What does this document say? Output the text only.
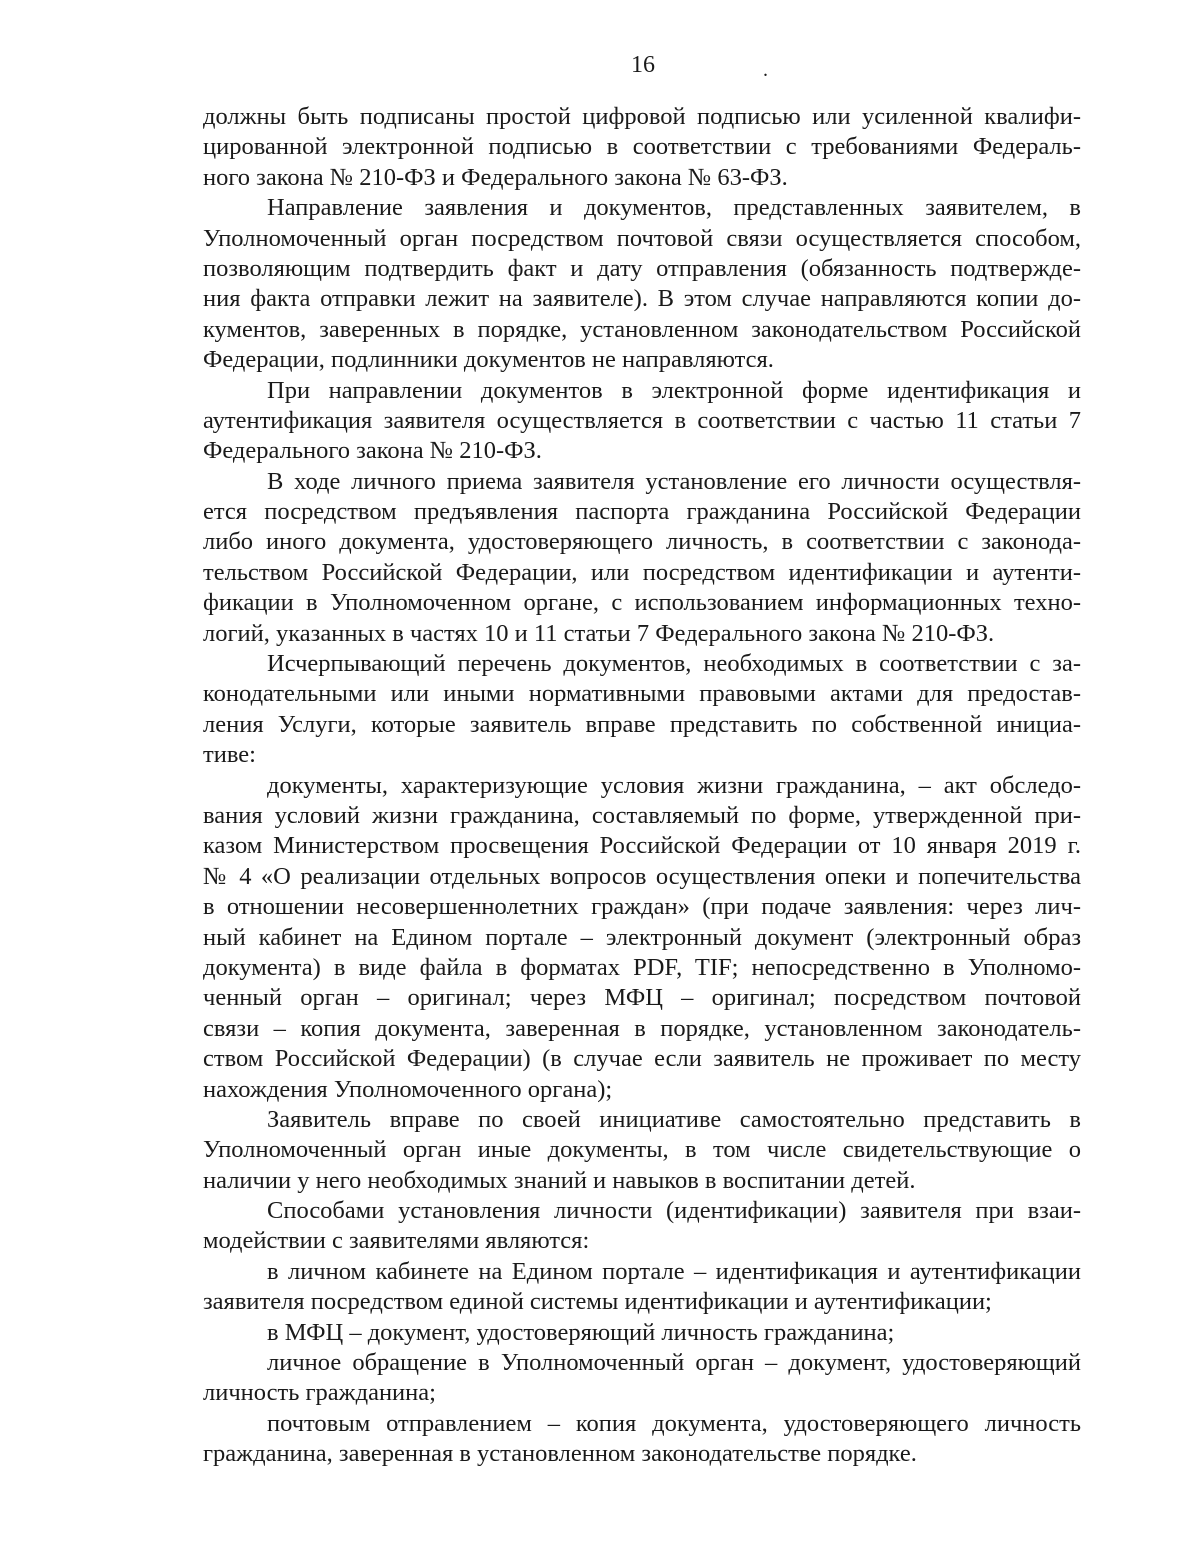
16	.
должны быть подписаны простой цифровой подписью или усиленной квалифи-
цированной электронной подписью в соответствии с требованиями Федераль-
ного закона № 210-ФЗ и Федерального закона № 63-ФЗ.
Направление заявления и документов, представленных заявителем, в
Уполномоченный орган посредством почтовой связи осуществляется способом,
позволяющим подтвердить факт и дату отправления (обязанность подтвержде-
ния факта отправки лежит на заявителе). В этом случае направляются копии до-
кументов, заверенных в порядке, установленном законодательством Российской
Федерации, подлинники документов не направляются.
При направлении документов в электронной форме идентификация и
аутентификация заявителя осуществляется в соответствии с частью 11 статьи 7
Федерального закона № 210-ФЗ.
В ходе личного приема заявителя установление его личности осуществля-
ется посредством предъявления паспорта гражданина Российской Федерации
либо иного документа, удостоверяющего личность, в соответствии с законода-
тельством Российской Федерации, или посредством идентификации и аутенти-
фикации в Уполномоченном органе, с использованием информационных техно-
логий, указанных в частях 10 и 11 статьи 7 Федерального закона № 210-ФЗ.
Исчерпывающий перечень документов, необходимых в соответствии с за-
конодательными или иными нормативными правовыми актами для предостав-
ления Услуги, которые заявитель вправе представить по собственной инициа-
тиве:
документы, характеризующие условия жизни гражданина, – акт обследо-
вания условий жизни гражданина, составляемый по форме, утвержденной при-
казом Министерством просвещения Российской Федерации от 10 января 2019 г.
№ 4 «О реализации отдельных вопросов осуществления опеки и попечительства
в отношении несовершеннолетних граждан» (при подаче заявления: через лич-
ный кабинет на Едином портале – электронный документ (электронный образ
документа) в виде файла в форматах PDF, TIF; непосредственно в Уполномо-
ченный орган – оригинал; через МФЦ – оригинал; посредством почтовой
связи – копия документа, заверенная в порядке, установленном законодатель-
ством Российской Федерации) (в случае если заявитель не проживает по месту
нахождения Уполномоченного органа);
Заявитель вправе по своей инициативе самостоятельно представить в
Уполномоченный орган иные документы, в том числе свидетельствующие о
наличии у него необходимых знаний и навыков в воспитании детей.
Способами установления личности (идентификации) заявителя при взаи-
модействии с заявителями являются:
в личном кабинете на Едином портале – идентификация и аутентификации
заявителя посредством единой системы идентификации и аутентификации;
в МФЦ – документ, удостоверяющий личность гражданина;
личное обращение в Уполномоченный орган – документ, удостоверяющий
личность гражданина;
почтовым отправлением – копия документа, удостоверяющего личность
гражданина, заверенная в установленном законодательстве порядке.
